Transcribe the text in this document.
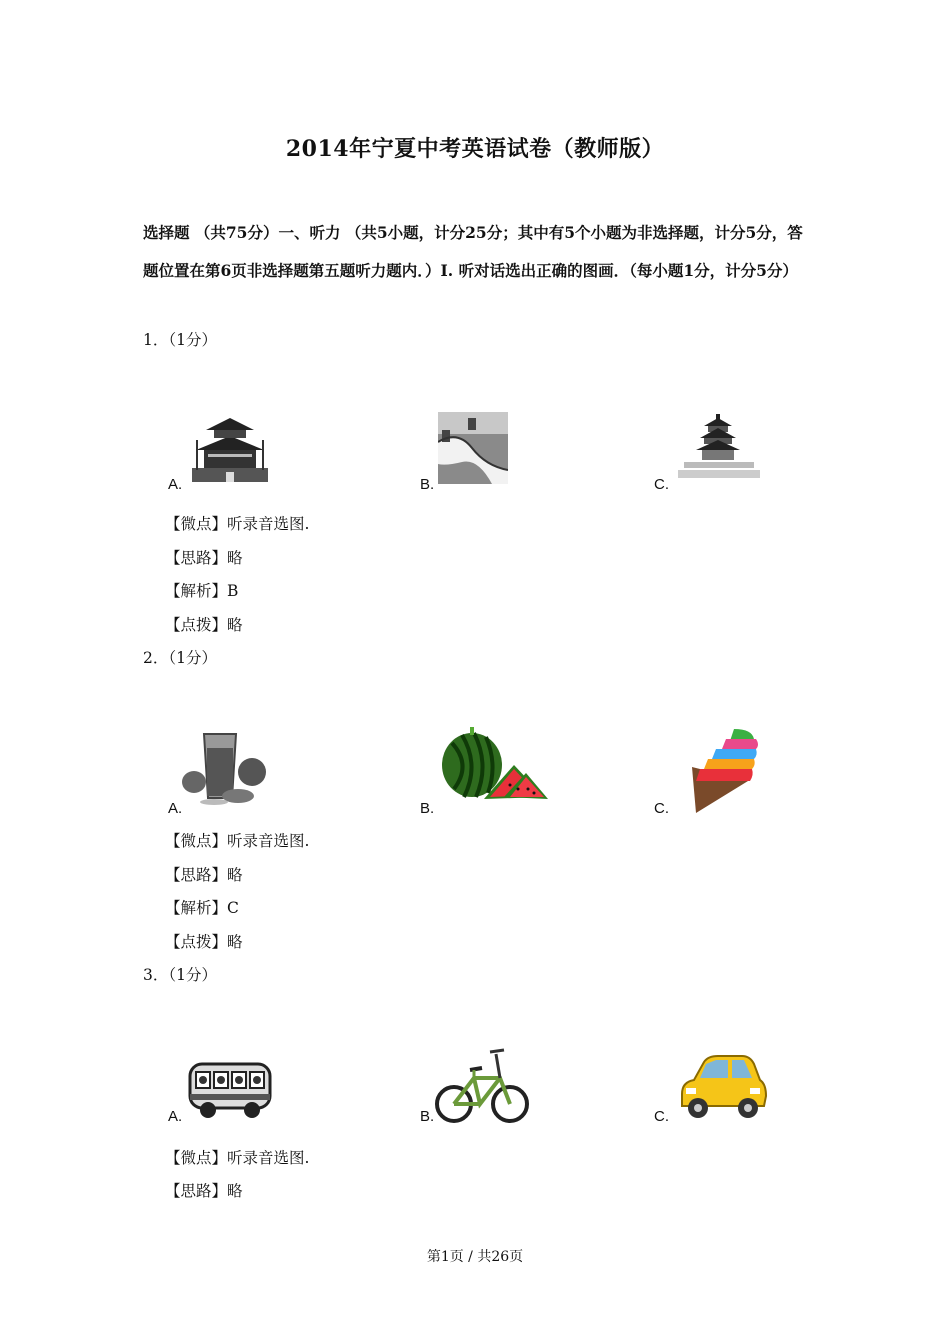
2014年宁夏中考英语试卷（教师版）
选择题 （共75分）一、听力 （共5小题，计分25分；其中有5个小题为非选择题，计分5分，答题位置在第6页非选择题第五题听力题内．）I. 听对话选出正确的图画．（每小题1分，计分5分）
1．（1分）
A.	B.	C.
【微点】听录音选图.
【思路】略
【解析】B
【点拨】略
2．（1分）
A.	B.	C.
【微点】听录音选图.
【思路】略
【解析】C
【点拨】略
3．（1分）
A.	B.	C.
【微点】听录音选图.
【思路】略
第1页 / 共26页
